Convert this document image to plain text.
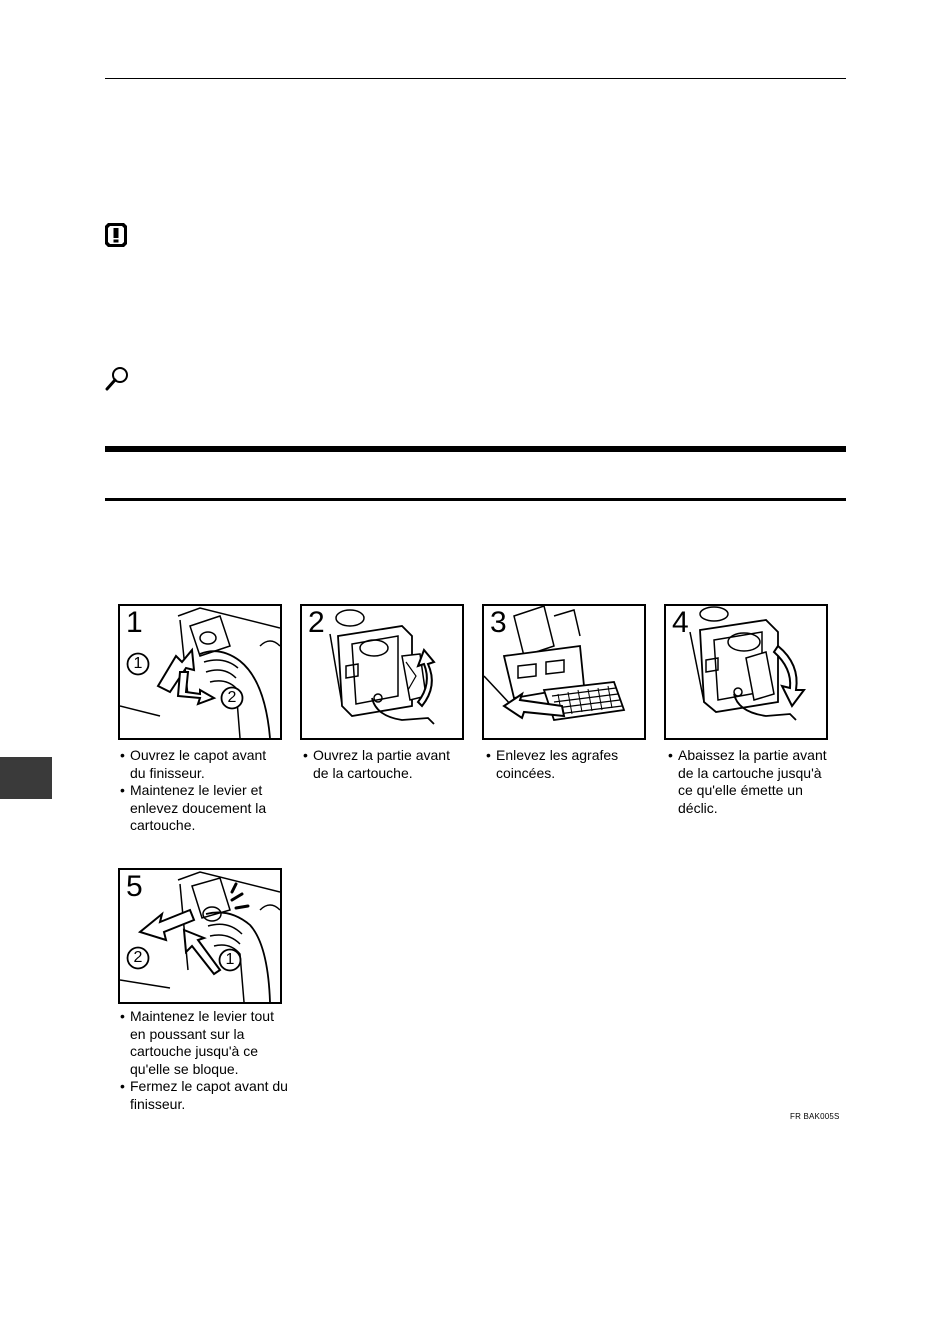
1
1
2
• Ouvrez le capot avant du finisseur.
• Maintenez le levier et enlevez doucement la cartouche.
2
• Ouvrez la partie avant de la cartouche.
3
• Enlevez les agrafes coincées.
4
• Abaissez la partie avant de la cartouche jusqu'à ce qu'elle émette un déclic.
5
2	1
• Maintenez le levier tout en poussant sur la cartouche jusqu'à ce qu'elle se bloque.
• Fermez le capot avant du finisseur.
FR BAK005S
